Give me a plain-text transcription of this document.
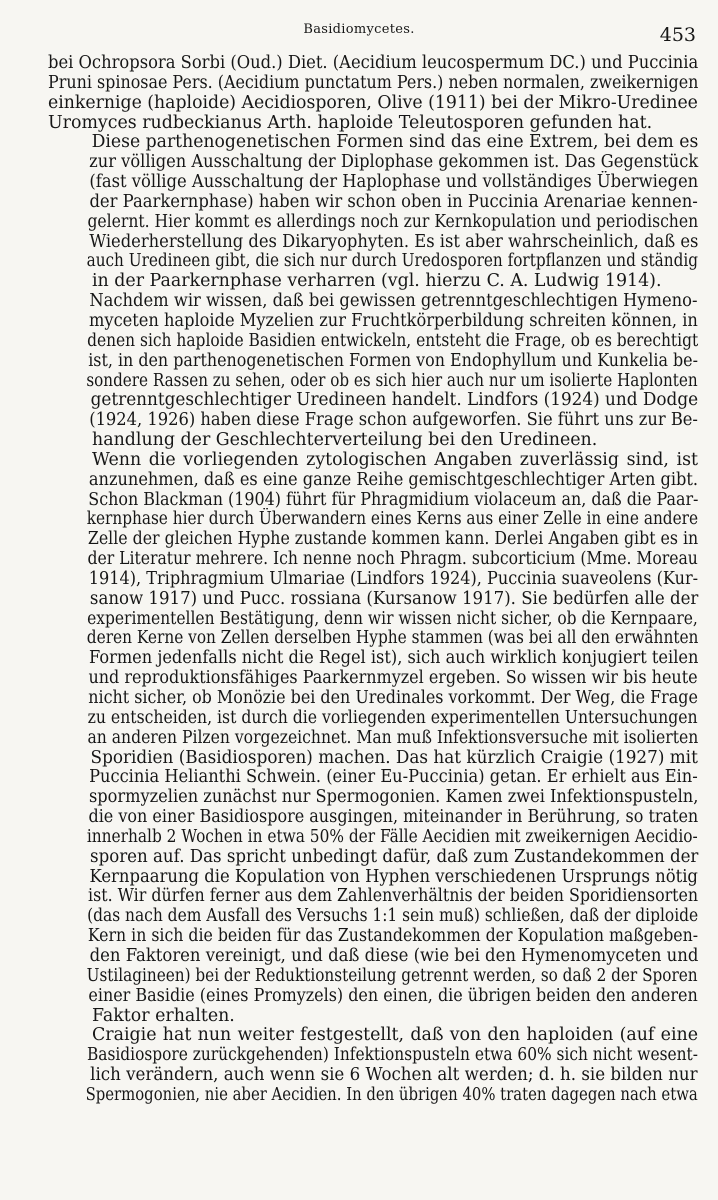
Basidiomycetes.	453

bei Ochropsora Sorbi (Oud.) Diet. (Aecidium leucospermum DC.) und Puccinia
Pruni spinosae Pers. (Aecidium punctatum Pers.) neben normalen, zweikernigen
einkernige (haploide) Aecidiosporen, Olive (1911) bei der Mikro-Uredinee
Uromyces rudbeckianus Arth. haploide Teleutosporen gefunden hat.

Diese parthenogenetischen Formen sind das eine Extrem, bei dem es
zur völligen Ausschaltung der Diplophase gekommen ist. Das Gegenstück
(fast völlige Ausschaltung der Haplophase und vollständiges Überwiegen
der Paarkernphase) haben wir schon oben in Puccinia Arenariae kennen-
gelernt. Hier kommt es allerdings noch zur Kernkopulation und periodischen
Wiederherstellung des Dikaryophyten. Es ist aber wahrscheinlich, daß es
auch Uredineen gibt, die sich nur durch Uredosporen fortpflanzen und ständig
in der Paarkernphase verharren (vgl. hierzu C. A. Ludwig 1914).

Nachdem wir wissen, daß bei gewissen getrenntgeschlechtigen Hymeno-
myceten haploide Myzelien zur Fruchtkörperbildung schreiten können, in
denen sich haploide Basidien entwickeln, entsteht die Frage, ob es berechtigt
ist, in den parthenogenetischen Formen von Endophyllum und Kunkelia be-
sondere Rassen zu sehen, oder ob es sich hier auch nur um isolierte Haplonten
getrenntgeschlechtiger Uredineen handelt. Lindfors (1924) und Dodge
(1924, 1926) haben diese Frage schon aufgeworfen. Sie führt uns zur Be-
handlung der Geschlechterverteilung bei den Uredineen.

Wenn die vorliegenden zytologischen Angaben zuverlässig sind, ist
anzunehmen, daß es eine ganze Reihe gemischtgeschlechtiger Arten gibt.
Schon Blackman (1904) führt für Phragmidium violaceum an, daß die Paar-
kernphase hier durch Überwandern eines Kerns aus einer Zelle in eine andere
Zelle der gleichen Hyphe zustande kommen kann. Derlei Angaben gibt es in
der Literatur mehrere. Ich nenne noch Phragm. subcorticium (Mme. Moreau
1914), Triphragmium Ulmariae (Lindfors 1924), Puccinia suaveolens (Kur-
sanow 1917) und Pucc. rossiana (Kursanow 1917). Sie bedürfen alle der
experimentellen Bestätigung, denn wir wissen nicht sicher, ob die Kernpaare,
deren Kerne von Zellen derselben Hyphe stammen (was bei all den erwähnten
Formen jedenfalls nicht die Regel ist), sich auch wirklich konjugiert teilen
und reproduktionsfähiges Paarkernmyzel ergeben. So wissen wir bis heute
nicht sicher, ob Monözie bei den Uredinales vorkommt. Der Weg, die Frage
zu entscheiden, ist durch die vorliegenden experimentellen Untersuchungen
an anderen Pilzen vorgezeichnet. Man muß Infektionsversuche mit isolierten
Sporidien (Basidiosporen) machen. Das hat kürzlich Craigie (1927) mit
Puccinia Helianthi Schwein. (einer Eu-Puccinia) getan. Er erhielt aus Ein-
spormyzelien zunächst nur Spermogonien. Kamen zwei Infektionspusteln,
die von einer Basidiospore ausgingen, miteinander in Berührung, so traten
innerhalb 2 Wochen in etwa 50% der Fälle Aecidien mit zweikernigen Aecidio-
sporen auf. Das spricht unbedingt dafür, daß zum Zustandekommen der
Kernpaarung die Kopulation von Hyphen verschiedenen Ursprungs nötig
ist. Wir dürfen ferner aus dem Zahlenverhältnis der beiden Sporidiensorten
(das nach dem Ausfall des Versuchs 1:1 sein muß) schließen, daß der diploide
Kern in sich die beiden für das Zustandekommen der Kopulation maßgeben-
den Faktoren vereinigt, und daß diese (wie bei den Hymenomyceten und
Ustilagineen) bei der Reduktionsteilung getrennt werden, so daß 2 der Sporen
einer Basidie (eines Promyzels) den einen, die übrigen beiden den anderen
Faktor erhalten.

Craigie hat nun weiter festgestellt, daß von den haploiden (auf eine
Basidiospore zurückgehenden) Infektionspusteln etwa 60% sich nicht wesent-
lich verändern, auch wenn sie 6 Wochen alt werden; d. h. sie bilden nur
Spermogonien, nie aber Aecidien. In den übrigen 40% traten dagegen nach etwa
